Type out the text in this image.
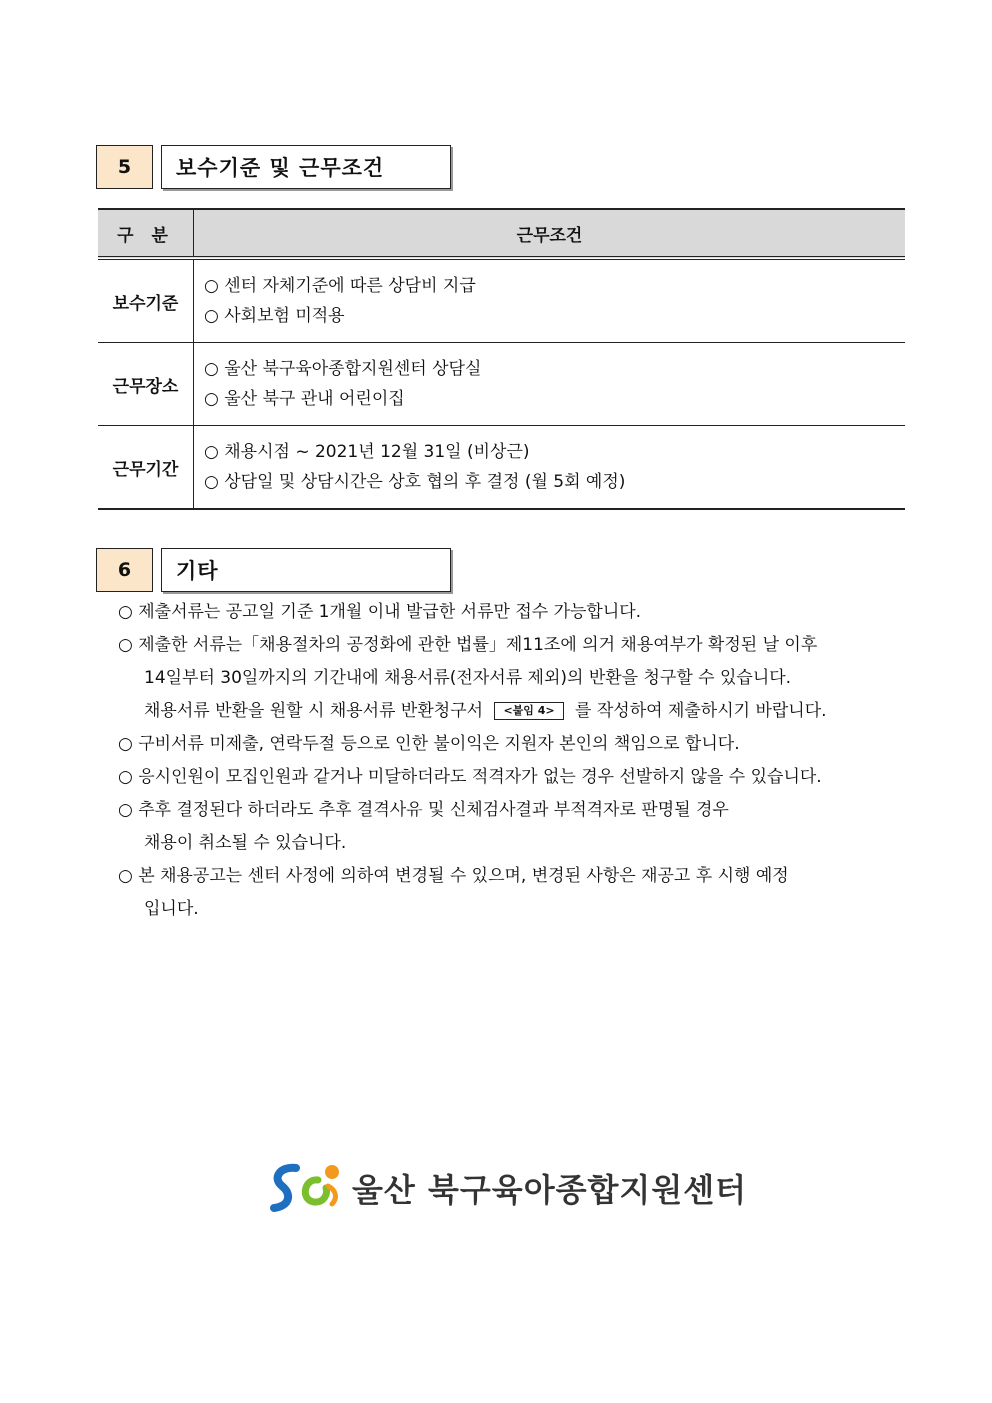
5	보수기준 및 근무조건
구 분	근무조건
보수기준	○ 센터 자체기준에 따른 상담비 지급
○ 사회보험 미적용

근무장소	○ 울산 북구육아종합지원센터 상담실
○ 울산 북구 관내 어린이집

근무기간	○ 채용시점 ~ 2021년 12월 31일 (비상근)
○ 상담일 및 상담시간은 상호 협의 후 결정 (월 5회 예정)
6	기타
○ 제출서류는 공고일 기준 1개월 이내 발급한 서류만 접수 가능합니다.
○ 제출한 서류는「채용절차의 공정화에 관한 법률」제11조에 의거 채용여부가 확정된 날 이후
14일부터 30일까지의 기간내에 채용서류(전자서류 제외)의 반환을 청구할 수 있습니다.
채용서류 반환을 원할 시 채용서류 반환청구서 <붙임 4> 를 작성하여 제출하시기 바랍니다.
○ 구비서류 미제출, 연락두절 등으로 인한 불이익은 지원자 본인의 책임으로 합니다.
○ 응시인원이 모집인원과 같거나 미달하더라도 적격자가 없는 경우 선발하지 않을 수 있습니다.
○ 추후 결정된다 하더라도 추후 결격사유 및 신체검사결과 부적격자로 판명될 경우
채용이 취소될 수 있습니다.
○ 본 채용공고는 센터 사정에 의하여 변경될 수 있으며, 변경된 사항은 재공고 후 시행 예정
입니다.
울산 북구육아종합지원센터
